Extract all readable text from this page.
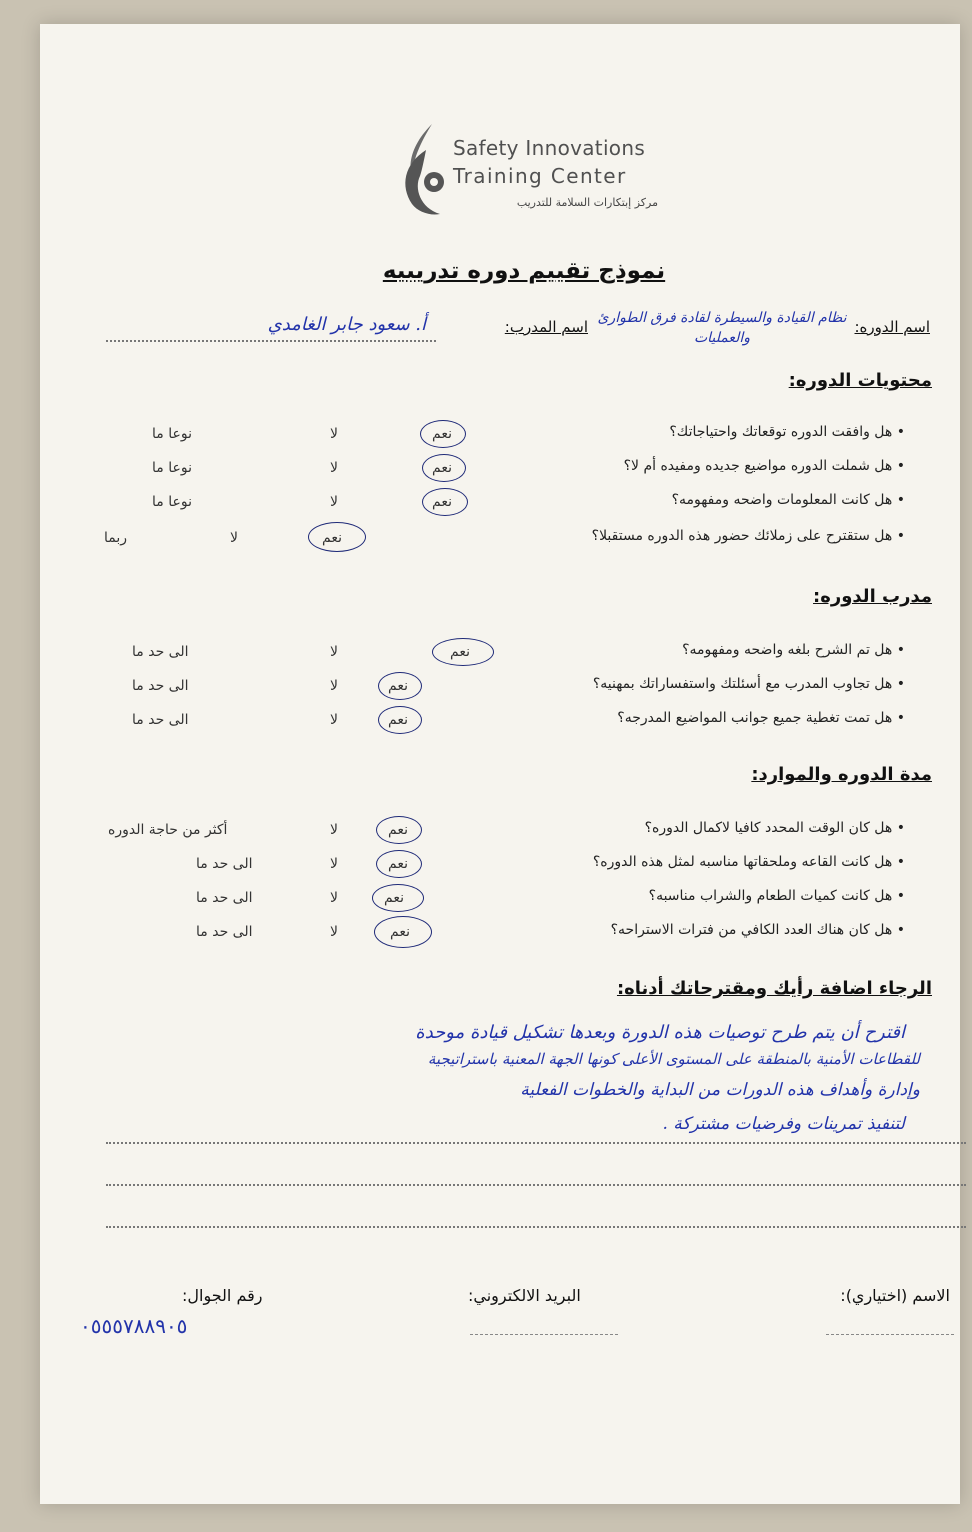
Safety Innovations
Training Center
مركز إبتكارات السلامة للتدريب
نموذج تقييم دوره تدريبيه
اسم الدوره:
نظام القيادة والسيطرة لقادة فرق الطوارئ والعمليات
اسم المدرب:
أ. سعود جابر الغامدي
محتويات الدوره:
• هل وافقت الدوره توقعاتك واحتياجاتك؟
نعم
لا
نوعا ما
• هل شملت الدوره مواضيع جديده ومفيده أم لا؟
نعم
لا
نوعا ما
• هل كانت المعلومات واضحه ومفهومه؟
نعم
لا
نوعا ما
• هل ستقترح على زملائك حضور هذه الدوره مستقبلا؟
نعم
لا
ربما
مدرب الدوره:
• هل تم الشرح بلغه واضحه ومفهومه؟
نعم
لا
الى حد ما
• هل تجاوب المدرب مع أسئلتك واستفساراتك بمهنيه؟
نعم
لا
الى حد ما
• هل تمت تغطية جميع جوانب المواضيع المدرجه؟
نعم
لا
الى حد ما
مدة الدوره والموارد:
• هل كان الوقت المحدد كافيا لاكمال الدوره؟
نعم
لا
أكثر من حاجة الدوره
• هل كانت القاعه وملحقاتها مناسبه لمثل هذه الدوره؟
نعم
لا
الى حد ما
• هل كانت كميات الطعام والشراب مناسبه؟
نعم
لا
الى حد ما
• هل كان هناك العدد الكافي من فترات الاستراحه؟
نعم
لا
الى حد ما
الرجاء اضافة رأيك ومقترحاتك أدناه:
اقترح أن يتم طرح توصيات هذه الدورة وبعدها تشكيل قيادة موحدة
للقطاعات الأمنية بالمنطقة على المستوى الأعلى كونها الجهة المعنية باستراتيجية
وإدارة وأهداف هذه الدورات من البداية والخطوات الفعلية
لتنفيذ تمرينات وفرضيات مشتركة .
الاسم (اختياري):
البريد الالكتروني:
رقم الجوال:
٠٥٥٥٧٨٨٩٠٥
